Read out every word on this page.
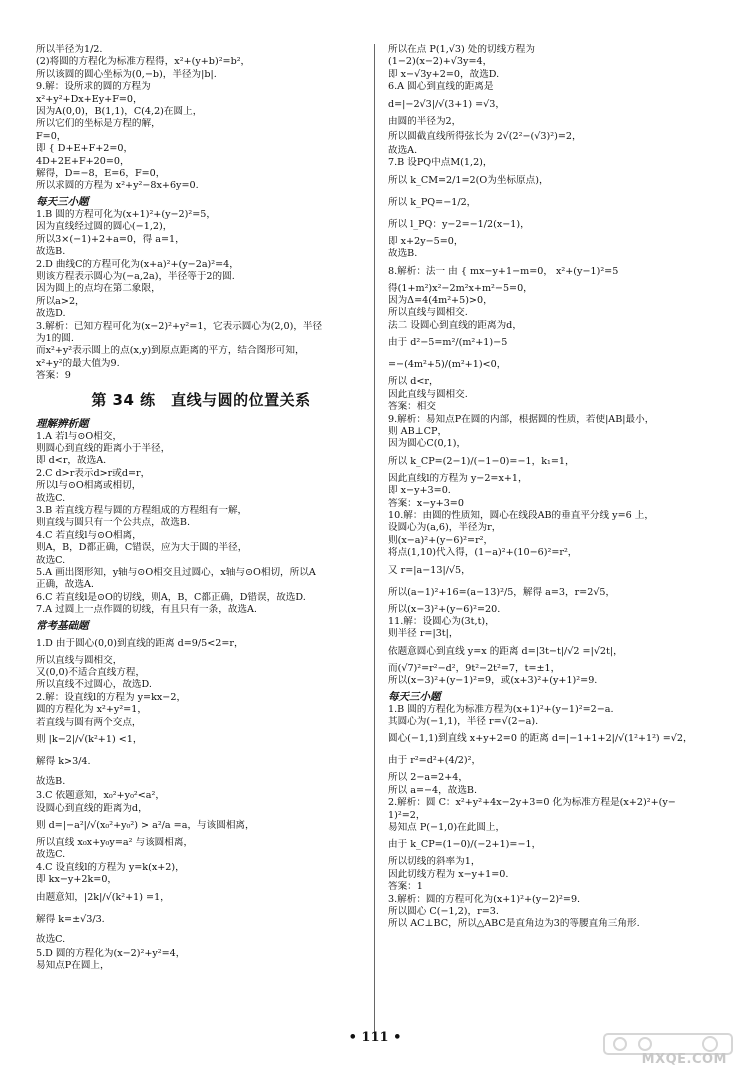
所以半径为1/2.
(2)将圆的方程化为标准方程得，x²+(y+b)²=b²，
所以该圆的圆心坐标为(0,−b)，半径为|b|.
9.解：设所求的圆的方程为
x²+y²+Dx+Ey+F=0，
因为A(0,0)，B(1,1)，C(4,2)在圆上，
所以它们的坐标是方程的解，
F=0，
即 { D+E+F+2=0，
4D+2E+F+20=0，
解得，D=−8，E=6，F=0，
所以求圆的方程为 x²+y²−8x+6y=0.
每天三小题
1.B 圆的方程可化为(x+1)²+(y−2)²=5，
因为直线经过圆的圆心(−1,2)，
所以3×(−1)+2+a=0，得 a=1，
故选B.
2.D 曲线C的方程可化为(x+a)²+(y−2a)²=4，
则该方程表示圆心为(−a,2a)，半径等于2的圆.
因为圆上的点均在第二象限，
所以a>2，
故选D.
3.解析：已知方程可化为(x−2)²+y²=1，它表示圆心为(2,0)，半径
为1的圆.
而x²+y²表示圆上的点(x,y)到原点距离的平方，结合图形可知，
x²+y²的最大值为9.
答案：9
第 34 练　直线与圆的位置关系
理解辨析题
1.A 若l与⊙O相交，
则圆心到直线的距离小于半径，
即 d<r，故选A.
2.C d>r表示d>r或d=r，
所以l与⊙O相离或相切，
故选C.
3.B 若直线方程与圆的方程组成的方程组有一解，
则直线与圆只有一个公共点，故选B.
4.C 若直线l与⊙O相离，
则A，B，D都正确，C错误，应为大于圆的半径，
故选C.
5.A 画出图形知，y轴与⊙O相交且过圆心，x轴与⊙O相切，所以A
正确，故选A.
6.C 若直线l是⊙O的切线，则A，B，C都正确，D错误，故选D.
7.A 过圆上一点作圆的切线，有且只有一条，故选A.
常考基础题
1.D 由于圆心(0,0)到直线的距离 d=9/5<2=r，
所以直线与圆相交，
又(0,0)不适合直线方程，
所以直线不过圆心，故选D.
2.解：设直线l的方程为 y=kx−2，
圆的方程化为 x²+y²=1，
若直线与圆有两个交点，
则 |k−2|/√(k²+1) <1，
解得 k>3/4.
故选B.
3.C 依题意知，x₀²+y₀²<a²，
设圆心到直线的距离为d，
则 d=|−a²|/√(x₀²+y₀²) > a²/a =a，与该圆相离，
所以直线 x₀x+y₀y=a² 与该圆相离，
故选C.
4.C 设直线l的方程为 y=k(x+2)，
即 kx−y+2k=0，
由题意知，|2k|/√(k²+1) =1，
解得 k=±√3/3.
故选C.
5.D 圆的方程化为(x−2)²+y²=4，
易知点P在圆上，
所以在点 P(1,√3) 处的切线方程为
(1−2)(x−2)+√3y=4，
即 x−√3y+2=0，故选D.
6.A 圆心到直线的距离是
d=|−2√3|/√(3+1) =√3，
由圆的半径为2，
所以圆截直线所得弦长为 2√(2²−(√3)²)=2，
故选A.
7.B 设PQ中点M(1,2)，
所以 k_CM=2/1=2(O为坐标原点)，
所以 k_PQ=−1/2，
所以 l_PQ：y−2=−1/2(x−1)，
即 x+2y−5=0，
故选B.
8.解析：法一 由 { mx−y+1−m=0， x²+(y−1)²=5
得(1+m²)x²−2m²x+m²−5=0，
因为Δ=4(4m²+5)>0，
所以直线与圆相交.
法二 设圆心到直线的距离为d，
由于 d²−5=m²/(m²+1)−5
=−(4m²+5)/(m²+1)<0，
所以 d<r，
因此直线与圆相交.
答案：相交
9.解析：易知点P在圆的内部，根据圆的性质，若使|AB|最小，
则 AB⊥CP，
因为圆心C(0,1)，
所以 k_CP=(2−1)/(−1−0)=−1，k₁=1，
因此直线l的方程为 y−2=x+1，
即 x−y+3=0.
答案：x−y+3=0
10.解：由圆的性质知，圆心在线段AB的垂直平分线 y=6 上，
设圆心为(a,6)，半径为r，
则(x−a)²+(y−6)²=r²，
将点(1,10)代入得，(1−a)²+(10−6)²=r²，
又 r=|a−13|/√5，
所以(a−1)²+16=(a−13)²/5，解得 a=3，r=2√5，
所以(x−3)²+(y−6)²=20.
11.解：设圆心为(3t,t)，
则半径 r=|3t|，
依题意圆心到直线 y=x 的距离 d=|3t−t|/√2 =|√2t|，
而(√7)²=r²−d²，9t²−2t²=7，t=±1，
所以(x−3)²+(y−1)²=9，或(x+3)²+(y+1)²=9.
每天三小题
1.B 圆的方程化为标准方程为(x+1)²+(y−1)²=2−a.
其圆心为(−1,1)，半径 r=√(2−a).
圆心(−1,1)到直线 x+y+2=0 的距离 d=|−1+1+2|/√(1²+1²) =√2，
由于 r²=d²+(4/2)²，
所以 2−a=2+4，
所以 a=−4，故选B.
2.解析：圆 C：x²+y²+4x−2y+3=0 化为标准方程是(x+2)²+(y−
1)²=2，
易知点 P(−1,0)在此圆上，
由于 k_CP=(1−0)/(−2+1)=−1，
所以切线的斜率为1，
因此切线方程为 x−y+1=0.
答案：1
3.解析：圆的方程可化为(x+1)²+(y−2)²=9.
所以圆心 C(−1,2)，r=3.
所以 AC⊥BC，所以△ABC是直角边为3的等腰直角三角形.
• 111 •
MXQE.COM
